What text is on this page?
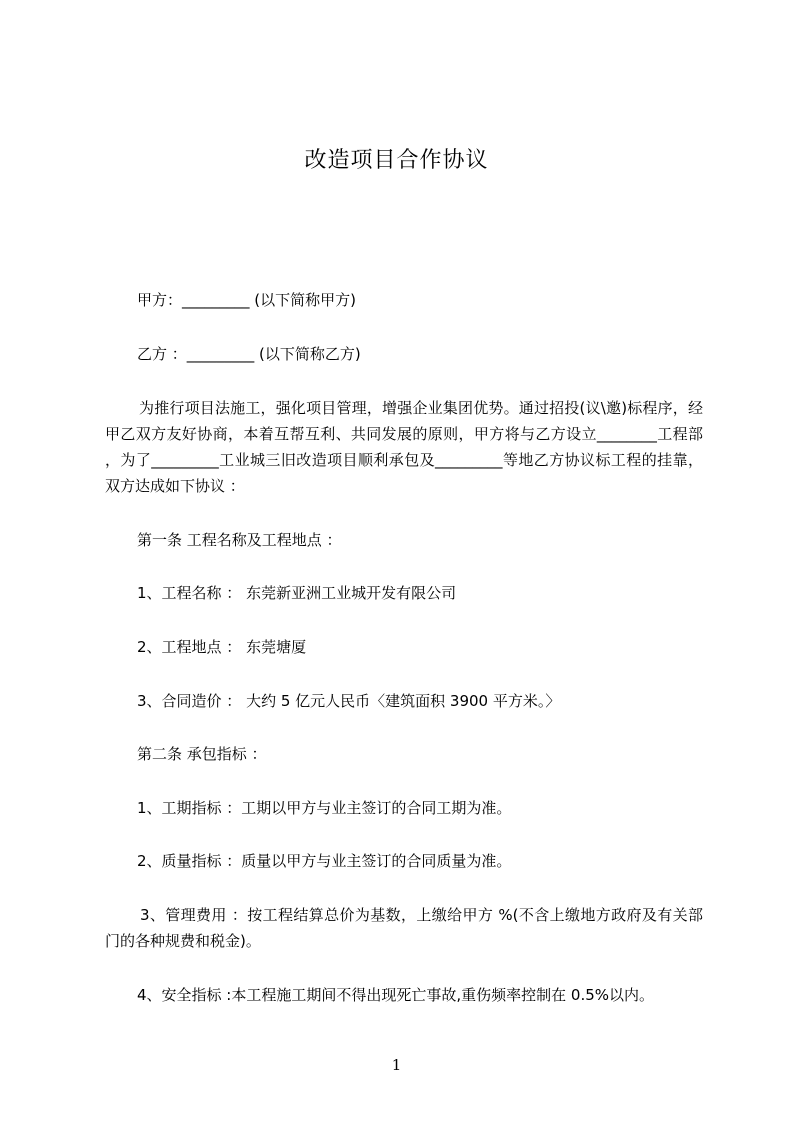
改造项目合作协议
甲方：_________ (以下简称甲方)
乙方 ：_________ (以下简称乙方)
为推行项目法施工，强化项目管理，增强企业集团优势。通过招投(议\邀)标程序，经甲乙双方友好协商，本着互帮互利、共同发展的原则，甲方将与乙方设立________工程部 ，为了_________工业城三旧改造项目顺利承包及_________等地乙方协议标工程的挂靠，双方达成如下协议 ：
第一条 工程名称及工程地点 ：
1、工程名称 ： 东莞新亚洲工业城开发有限公司
2、工程地点 ： 东莞塘厦
3、合同造价 ： 大约 5 亿元人民币〈建筑面积 3900 平方米。〉
第二条 承包指标 ：
1、工期指标 ：工期以甲方与业主签订的合同工期为准。
2、质量指标 ：质量以甲方与业主签订的合同质量为准。
3、管理费用 ：按工程结算总价为基数，上缴给甲方 %(不含上缴地方政府及有关部门的各种规费和税金)。
4、安全指标 :本工程施工期间不得出现死亡事故,重伤频率控制在 0.5%以内。
1
